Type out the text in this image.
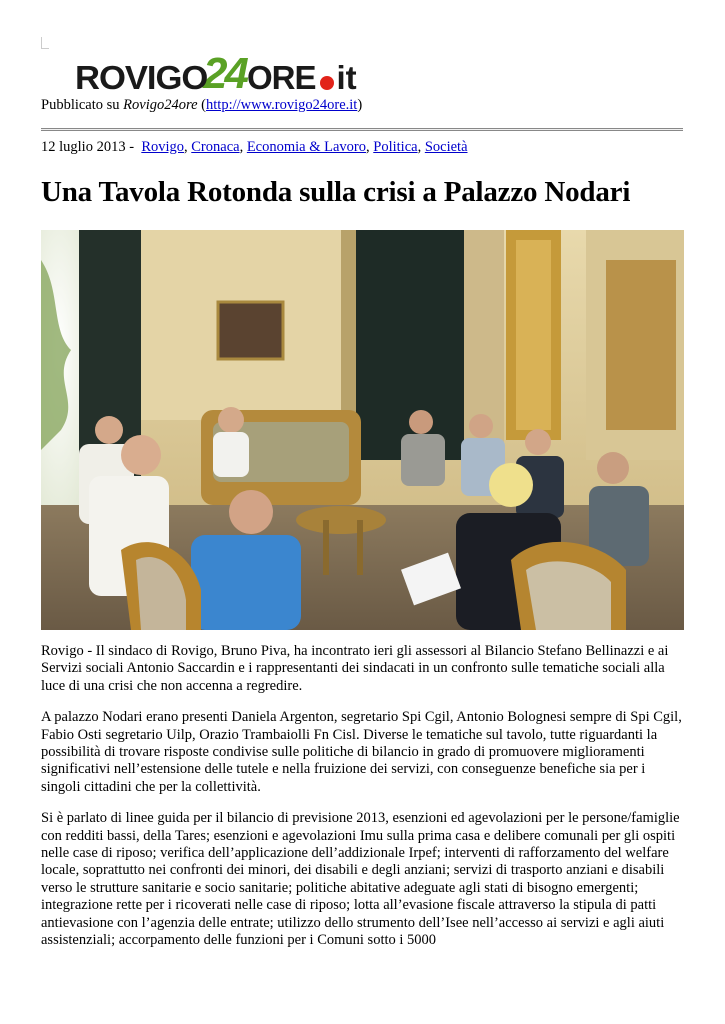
ROVIGO
24 ORE it
Pubblicato su Rovigo24ore (http://www.rovigo24ore.it)
12 luglio 2013 -  Rovigo, Cronaca, Economia & Lavoro, Politica, Società
Una Tavola Rotonda sulla crisi a Palazzo Nodari

Rovigo - Il sindaco di Rovigo, Bruno Piva, ha incontrato ieri gli assessori al Bilancio Stefano Bellinazzi e ai Servizi sociali Antonio Saccardin e i rappresentanti dei sindacati in un confronto sulle tematiche sociali alla luce di una crisi che non accenna a regredire.

A palazzo Nodari erano presenti Daniela Argenton, segretario Spi Cgil, Antonio Bolognesi sempre di Spi Cgil, Fabio Osti segretario Uilp, Orazio Trambaiolli Fn Cisl. Diverse le tematiche sul tavolo, tutte riguardanti la possibilità di trovare risposte condivise sulle politiche di bilancio in grado di promuovere miglioramenti significativi nell’estensione delle tutele e nella fruizione dei servizi, con conseguenze benefiche sia per i singoli cittadini che per la collettività.

Si è parlato di linee guida per il bilancio di previsione 2013, esenzioni ed agevolazioni per le persone/famiglie con redditi bassi, della Tares; esenzioni e agevolazioni Imu sulla prima casa e delibere comunali per gli ospiti nelle case di riposo; verifica dell’applicazione dell’addizionale Irpef; interventi di rafforzamento del welfare locale, soprattutto nei confronti dei minori, dei disabili e degli anziani; servizi di trasporto anziani e disabili verso le strutture sanitarie e socio sanitarie; politiche abitative adeguate agli stati di bisogno emergenti; integrazione rette per i ricoverati nelle case di riposo; lotta all’evasione fiscale attraverso la stipula di patti antievasione con l’agenzia delle entrate; utilizzo dello strumento dell’Isee nell’accesso ai servizi e agli aiuti assistenziali; accorpamento delle funzioni per i Comuni sotto i 5000
